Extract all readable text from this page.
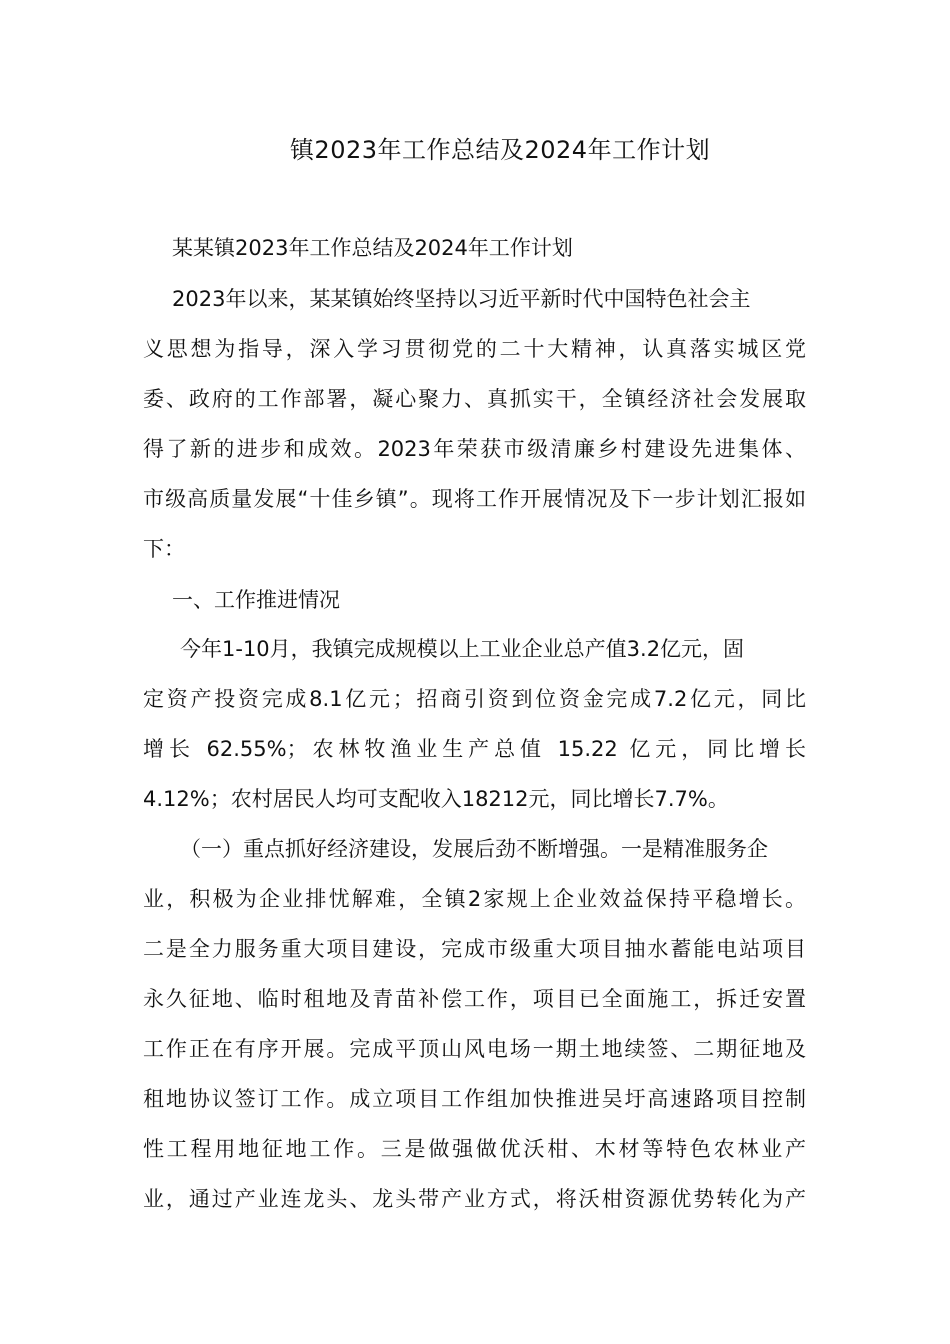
镇2023年工作总结及2024年工作计划

某某镇2023年工作总结及2024年工作计划

2023年以来，某某镇始终坚持以习近平新时代中国特色社会主

义思想为指导，深入学习贯彻党的二十大精神，认真落实城区党

委、政府的工作部署，凝心聚力、真抓实干，全镇经济社会发展取

得了新的进步和成效。2023年荣获市级清廉乡村建设先进集体、

市级高质量发展“十佳乡镇”。现将工作开展情况及下一步计划汇报如

下：

一、工作推进情况

今年1-10月，我镇完成规模以上工业企业总产值3.2亿元，固

定资产投资完成8.1亿元；招商引资到位资金完成7.2亿元，同比

增长 62.55%；农林牧渔业生产总值 15.22 亿元，同比增长

4.12%；农村居民人均可支配收入18212元，同比增长7.7%。

（一）重点抓好经济建设，发展后劲不断增强。一是精准服务企

业，积极为企业排忧解难，全镇2家规上企业效益保持平稳增长。

二是全力服务重大项目建设，完成市级重大项目抽水蓄能电站项目

永久征地、临时租地及青苗补偿工作，项目已全面施工，拆迁安置

工作正在有序开展。完成平顶山风电场一期土地续签、二期征地及

租地协议签订工作。成立项目工作组加快推进吴圩高速路项目控制

性工程用地征地工作。三是做强做优沃柑、木材等特色农林业产

业，通过产业连龙头、龙头带产业方式，将沃柑资源优势转化为产
